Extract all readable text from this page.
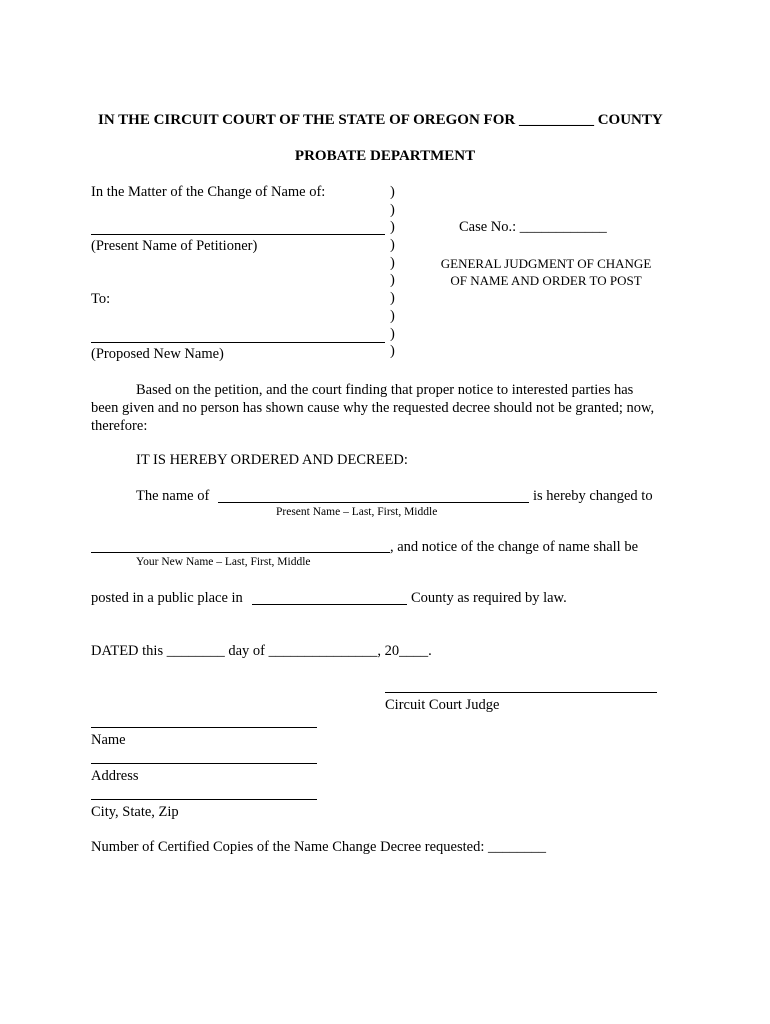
IN THE CIRCUIT COURT OF THE STATE OF OREGON FOR __________ COUNTY
PROBATE DEPARTMENT
In the Matter of the Change of Name of:
(Present Name of Petitioner)
To:
(Proposed New Name)
)
)
)
)
)
)
)
)
)
)
Case No.: ____________
GENERAL JUDGMENT OF CHANGE
OF NAME AND ORDER TO POST
Based on the petition, and the court finding that proper notice to interested parties has
been given and no person has shown cause why the requested decree should not be granted; now,
therefore:
IT IS HEREBY ORDERED AND DECREED:
The name of	is hereby changed to
Present Name – Last, First, Middle
, and notice of the change of name shall be
Your New Name – Last, First, Middle
posted in a public place in	County as required by law.
DATED this ________ day of _______________, 20____.
Circuit Court Judge
Name
Address
City, State, Zip
Number of Certified Copies of the Name Change Decree requested: ________
